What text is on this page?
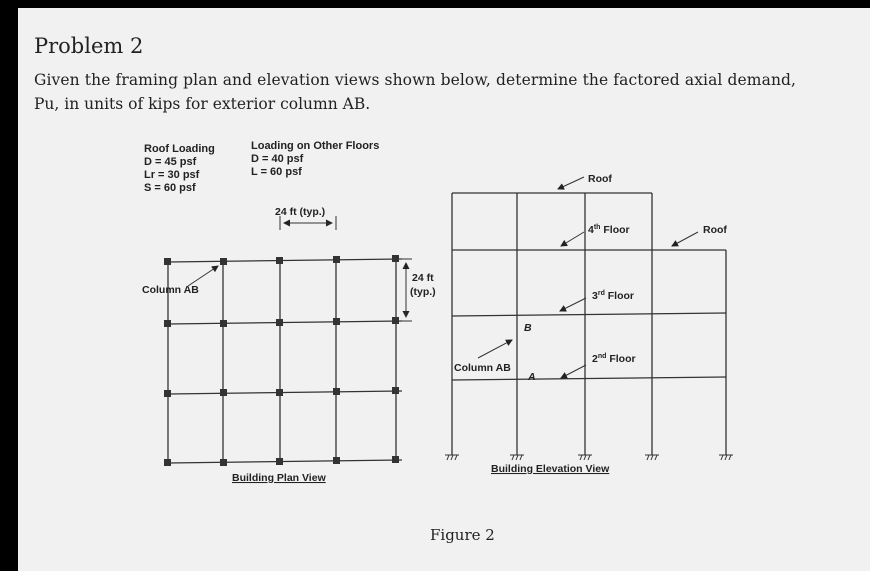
Problem 2
Given the framing plan and elevation views shown below, determine the factored axial demand,
Pu, in units of kips for exterior column AB.
Roof Loading
D = 45 psf
Lr = 30 psf
S = 60 psf
Loading on Other Floors
D = 40 psf
L = 60 psf
24 ft (typ.)
24 ft
(typ.)
Column AB
Building Plan View
Roof
Roof
4th Floor
3rd Floor
2nd Floor
B
A
Column AB
Building Elevation View
Figure 2
